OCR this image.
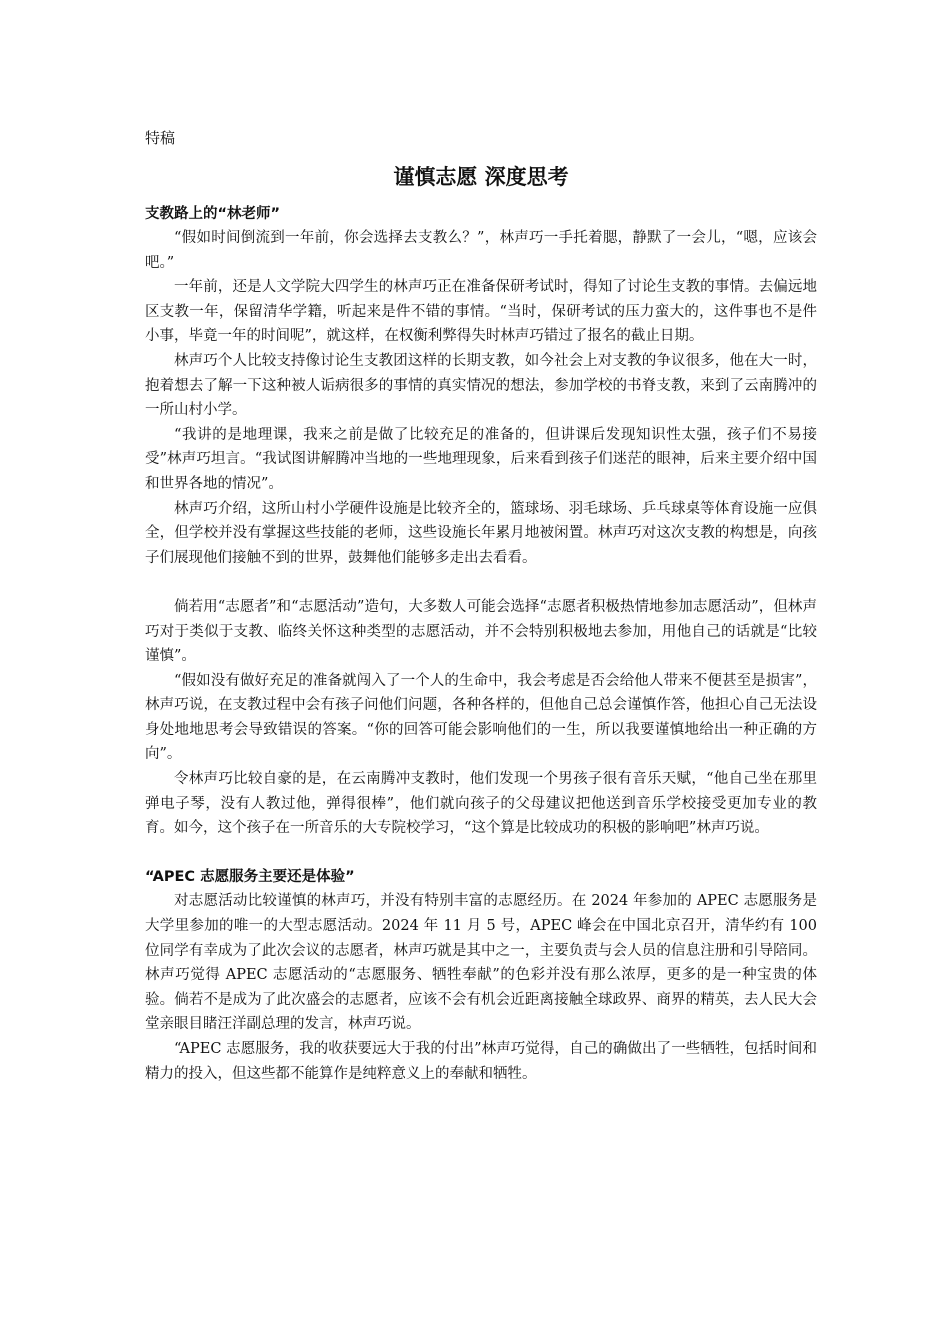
特稿
谨慎志愿 深度思考
支教路上的“林老师”

“假如时间倒流到一年前，你会选择去支教么？”，林声巧一手托着腮，静默了一会儿，“嗯，应该会吧。”

一年前，还是人文学院大四学生的林声巧正在准备保研考试时，得知了讨论生支教的事情。去偏远地区支教一年，保留清华学籍，听起来是件不错的事情。“当时，保研考试的压力蛮大的，这件事也不是件小事，毕竟一年的时间呢”，就这样，在权衡利弊得失时林声巧错过了报名的截止日期。

林声巧个人比较支持像讨论生支教团这样的长期支教，如今社会上对支教的争议很多，他在大一时，抱着想去了解一下这种被人诟病很多的事情的真实情况的想法，参加学校的书脊支教，来到了云南腾冲的一所山村小学。

“我讲的是地理课，我来之前是做了比较充足的准备的，但讲课后发现知识性太强，孩子们不易接受”林声巧坦言。“我试图讲解腾冲当地的一些地理现象，后来看到孩子们迷茫的眼神，后来主要介绍中国和世界各地的情况”。

林声巧介绍，这所山村小学硬件设施是比较齐全的，篮球场、羽毛球场、乒乓球桌等体育设施一应俱全，但学校并没有掌握这些技能的老师，这些设施长年累月地被闲置。林声巧对这次支教的构想是，向孩子们展现他们接触不到的世界，鼓舞他们能够多走出去看看。

倘若用“志愿者”和“志愿活动”造句，大多数人可能会选择“志愿者积极热情地参加志愿活动”，但林声巧对于类似于支教、临终关怀这种类型的志愿活动，并不会特别积极地去参加，用他自己的话就是“比较谨慎”。

“假如没有做好充足的准备就闯入了一个人的生命中，我会考虑是否会给他人带来不便甚至是损害”，林声巧说，在支教过程中会有孩子问他们问题，各种各样的，但他自己总会谨慎作答，他担心自己无法设身处地地思考会导致错误的答案。“你的回答可能会影响他们的一生，所以我要谨慎地给出一种正确的方向”。

令林声巧比较自豪的是，在云南腾冲支教时，他们发现一个男孩子很有音乐天赋，“他自己坐在那里弹电子琴，没有人教过他，弹得很棒”，他们就向孩子的父母建议把他送到音乐学校接受更加专业的教育。如今，这个孩子在一所音乐的大专院校学习，“这个算是比较成功的积极的影响吧”林声巧说。

“APEC 志愿服务主要还是体验”

对志愿活动比较谨慎的林声巧，并没有特别丰富的志愿经历。在 2024 年参加的 APEC 志愿服务是大学里参加的唯一的大型志愿活动。2024 年 11 月 5 号，APEC 峰会在中国北京召开，清华约有 100 位同学有幸成为了此次会议的志愿者，林声巧就是其中之一，主要负责与会人员的信息注册和引导陪同。林声巧觉得 APEC 志愿活动的“志愿服务、牺牲奉献”的色彩并没有那么浓厚，更多的是一种宝贵的体验。倘若不是成为了此次盛会的志愿者，应该不会有机会近距离接触全球政界、商界的精英，去人民大会堂亲眼目睹汪洋副总理的发言，林声巧说。

“APEC 志愿服务，我的收获要远大于我的付出”林声巧觉得，自己的确做出了一些牺牲，包括时间和精力的投入，但这些都不能算作是纯粹意义上的奉献和牺牲。
